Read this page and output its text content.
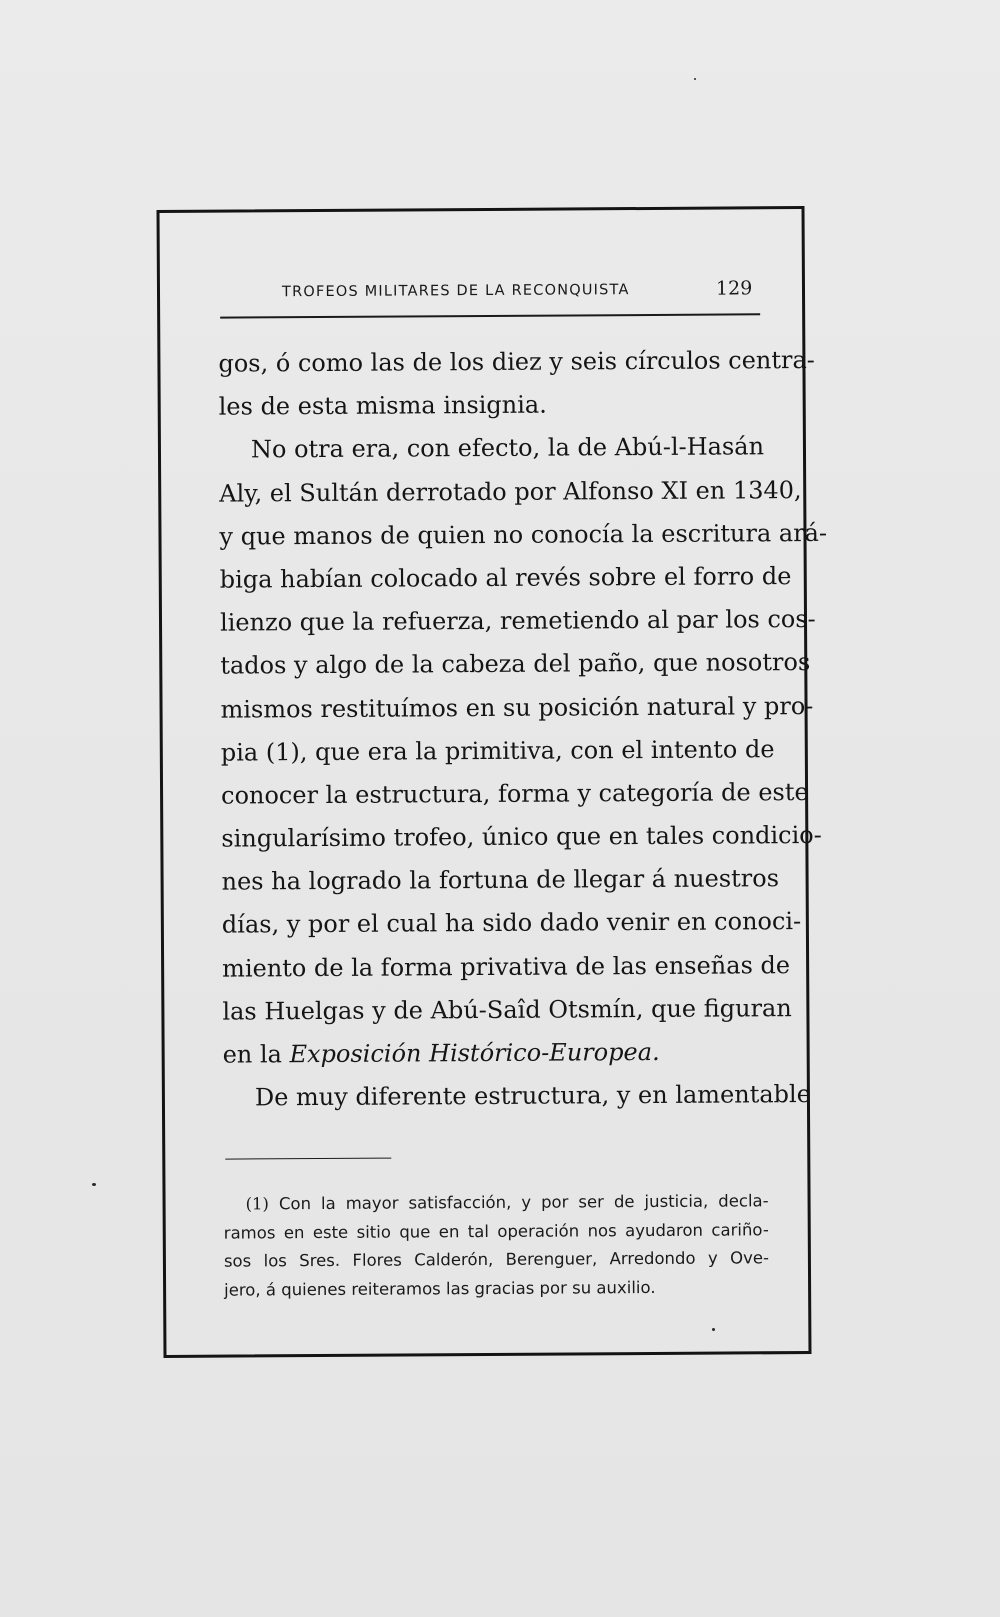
TROFEOS MILITARES DE LA RECONQUISTA	129
gos, ó como las de los diez y seis círculos centra-
les de esta misma insignia.
No otra era, con efecto, la de Abú-l-Hasán
Aly, el Sultán derrotado por Alfonso XI en 1340,
y que manos de quien no conocía la escritura ará-
biga habían colocado al revés sobre el forro de
lienzo que la refuerza, remetiendo al par los cos-
tados y algo de la cabeza del paño, que nosotros
mismos restituímos en su posición natural y pro-
pia (1), que era la primitiva, con el intento de
conocer la estructura, forma y categoría de este
singularísimo trofeo, único que en tales condicio-
nes ha logrado la fortuna de llegar á nuestros
días, y por el cual ha sido dado venir en conoci-
miento de la forma privativa de las enseñas de
las Huelgas y de Abú-Saîd Otsmín, que figuran
en la Exposición Histórico-Europea.
De muy diferente estructura, y en lamentable
(1) Con la mayor satisfacción, y por ser de justicia, decla-
ramos en este sitio que en tal operación nos ayudaron cariño-
sos los Sres. Flores Calderón, Berenguer, Arredondo y Ove-
jero, á quienes reiteramos las gracias por su auxilio.
